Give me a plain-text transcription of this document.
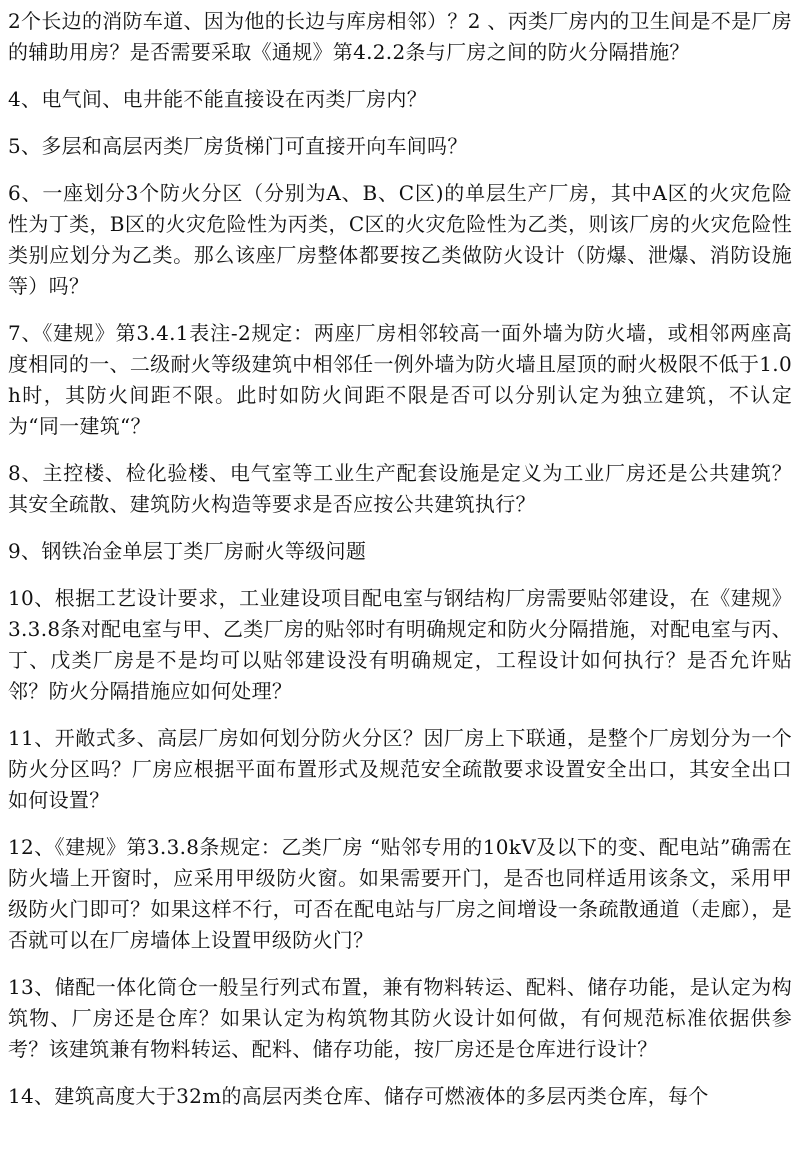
2个长边的消防车道、因为他的长边与库房相邻）？2 、丙类厂房内的卫生间是不是厂房的辅助用房？是否需要采取《通规》第4.2.2条与厂房之间的防火分隔措施？

4、电气间、电井能不能直接设在丙类厂房内？

5、多层和高层丙类厂房货梯门可直接开向车间吗？

6、一座划分3个防火分区（分别为A、B、C区)的单层生产厂房，其中A区的火灾危险性为丁类，B区的火灾危险性为丙类，C区的火灾危险性为乙类，则该厂房的火灾危险性类别应划分为乙类。那么该座厂房整体都要按乙类做防火设计（防爆、泄爆、消防设施等）吗？

7、《建规》第3.4.1表注-2规定：两座厂房相邻较高一面外墙为防火墙，或相邻两座高度相同的一、二级耐火等级建筑中相邻任一例外墙为防火墙且屋顶的耐火极限不低于1.0h时，其防火间距不限。此时如防火间距不限是否可以分别认定为独立建筑，不认定为“同一建筑“？

8、主控楼、检化验楼、电气室等工业生产配套设施是定义为工业厂房还是公共建筑？其安全疏散、建筑防火构造等要求是否应按公共建筑执行？

9、钢铁冶金单层丁类厂房耐火等级问题

10、根据工艺设计要求，工业建设项目配电室与钢结构厂房需要贴邻建设，在《建规》3.3.8条对配电室与甲、乙类厂房的贴邻时有明确规定和防火分隔措施，对配电室与丙、丁、戊类厂房是不是均可以贴邻建设没有明确规定，工程设计如何执行？是否允许贴邻？防火分隔措施应如何处理？

11、开敞式多、高层厂房如何划分防火分区？因厂房上下联通，是整个厂房划分为一个防火分区吗？厂房应根据平面布置形式及规范安全疏散要求设置安全出口，其安全出口如何设置？

12、《建规》第3.3.8条规定：乙类厂房 “贴邻专用的10kV及以下的变、配电站”确需在防火墙上开窗时，应采用甲级防火窗。如果需要开门，是否也同样适用该条文，采用甲级防火门即可？如果这样不行，可否在配电站与厂房之间增设一条疏散通道（走廊），是否就可以在厂房墙体上设置甲级防火门？

13、储配一体化筒仓一般呈行列式布置，兼有物料转运、配料、储存功能，是认定为构筑物、厂房还是仓库？如果认定为构筑物其防火设计如何做，有何规范标准依据供参考？该建筑兼有物料转运、配料、储存功能，按厂房还是仓库进行设计？

14、建筑高度大于32m的高层丙类仓库、储存可燃液体的多层丙类仓库，每个
